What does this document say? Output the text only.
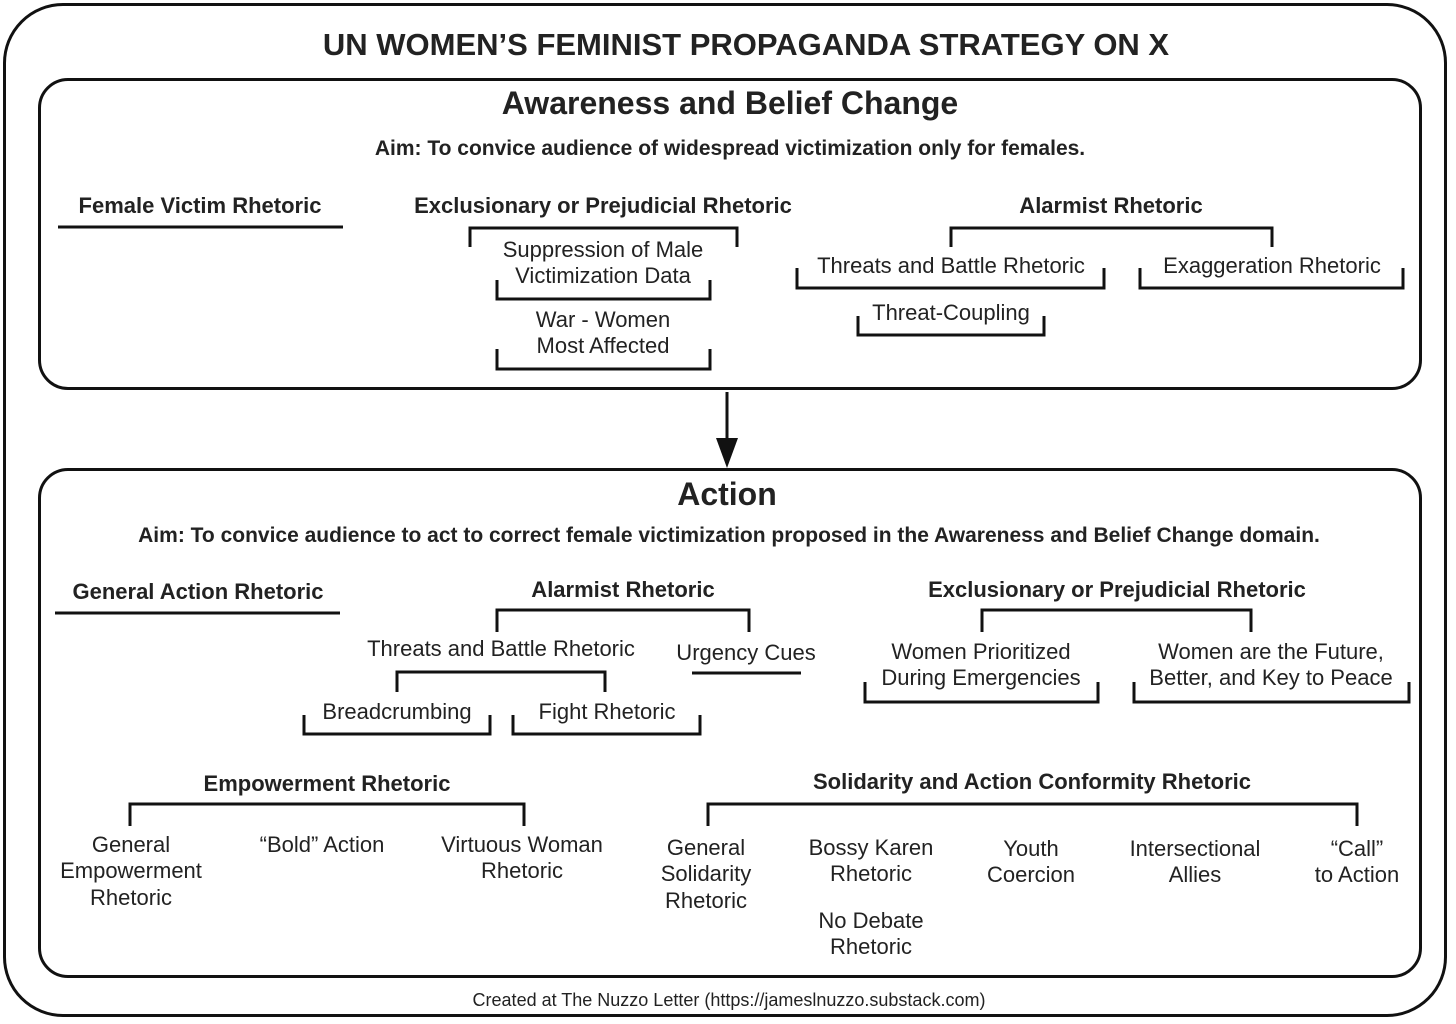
UN WOMEN’S FEMINIST PROPAGANDA STRATEGY ON X
Awareness and Belief Change
Aim: To convice audience of widespread victimization only for females.
Female Victim Rhetoric	Exclusionary or Prejudicial Rhetoric
Suppression of Male
Victimization Data
War - Women
Most Affected
Alarmist Rhetoric
Threats and Battle Rhetoric	Exaggeration Rhetoric
Threat-Coupling
Action
Aim: To convice audience to act to correct female victimization proposed in the Awareness and Belief Change domain.
General Action Rhetoric	Alarmist Rhetoric
Threats and Battle Rhetoric Urgency Cues
Breadcrumbing	Fight Rhetoric
Exclusionary or Prejudicial Rhetoric
Women Prioritized
During Emergencies
Women are the Future,
Better, and Key to Peace
Empowerment Rhetoric
General
Empowerment
Rhetoric
“Bold” Action	Virtuous Woman
Rhetoric
Solidarity and Action Conformity Rhetoric
General
Solidarity
Rhetoric
Bossy Karen
Rhetoric
No Debate
Rhetoric
Youth
Coercion
Intersectional
Allies
“Call”
to Action
Created at The Nuzzo Letter (https://jameslnuzzo.substack.com)
